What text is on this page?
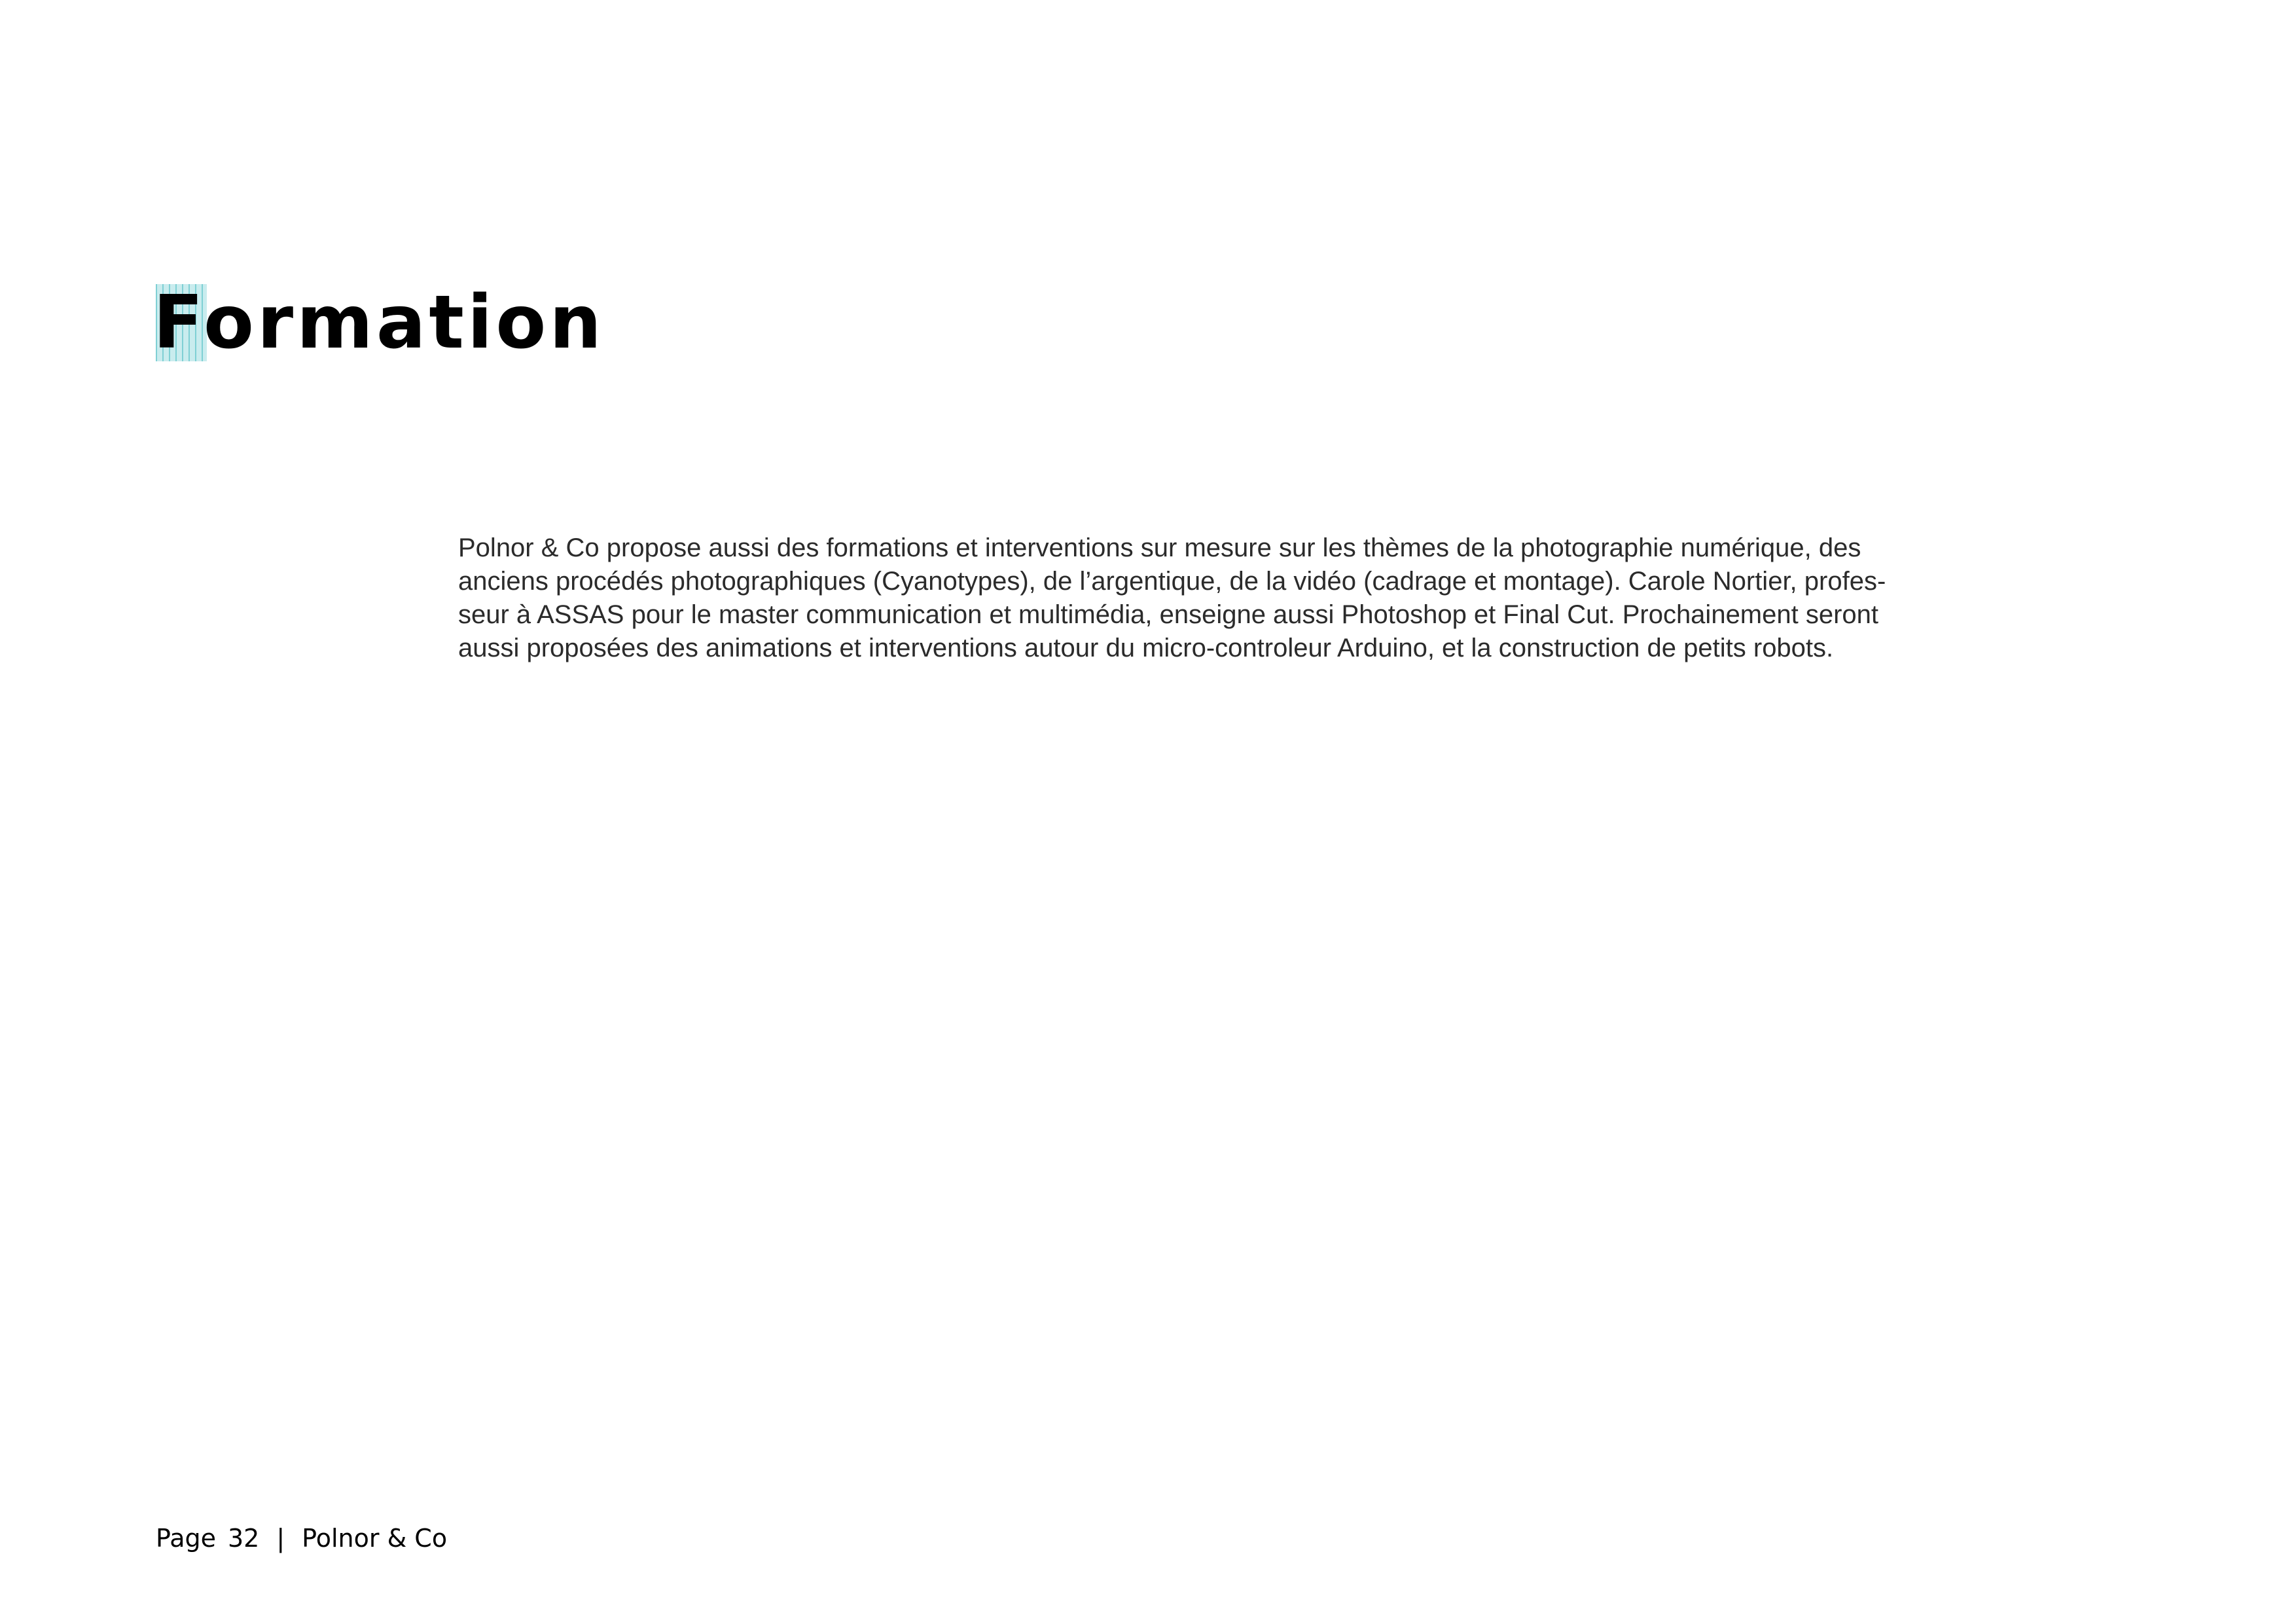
Formation

Polnor & Co propose aussi des formations et interventions sur mesure sur les thèmes de la photographie numérique, des
anciens procédés photographiques (Cyanotypes), de l’argentique, de la vidéo (cadrage et montage). Carole Nortier, profes-
seur à ASSAS pour le master communication et multimédia, enseigne aussi Photoshop et Final Cut. Prochainement seront
aussi proposées des animations et interventions autour du micro-controleur Arduino, et la construction de petits robots.

Page 32 | Polnor & Co
